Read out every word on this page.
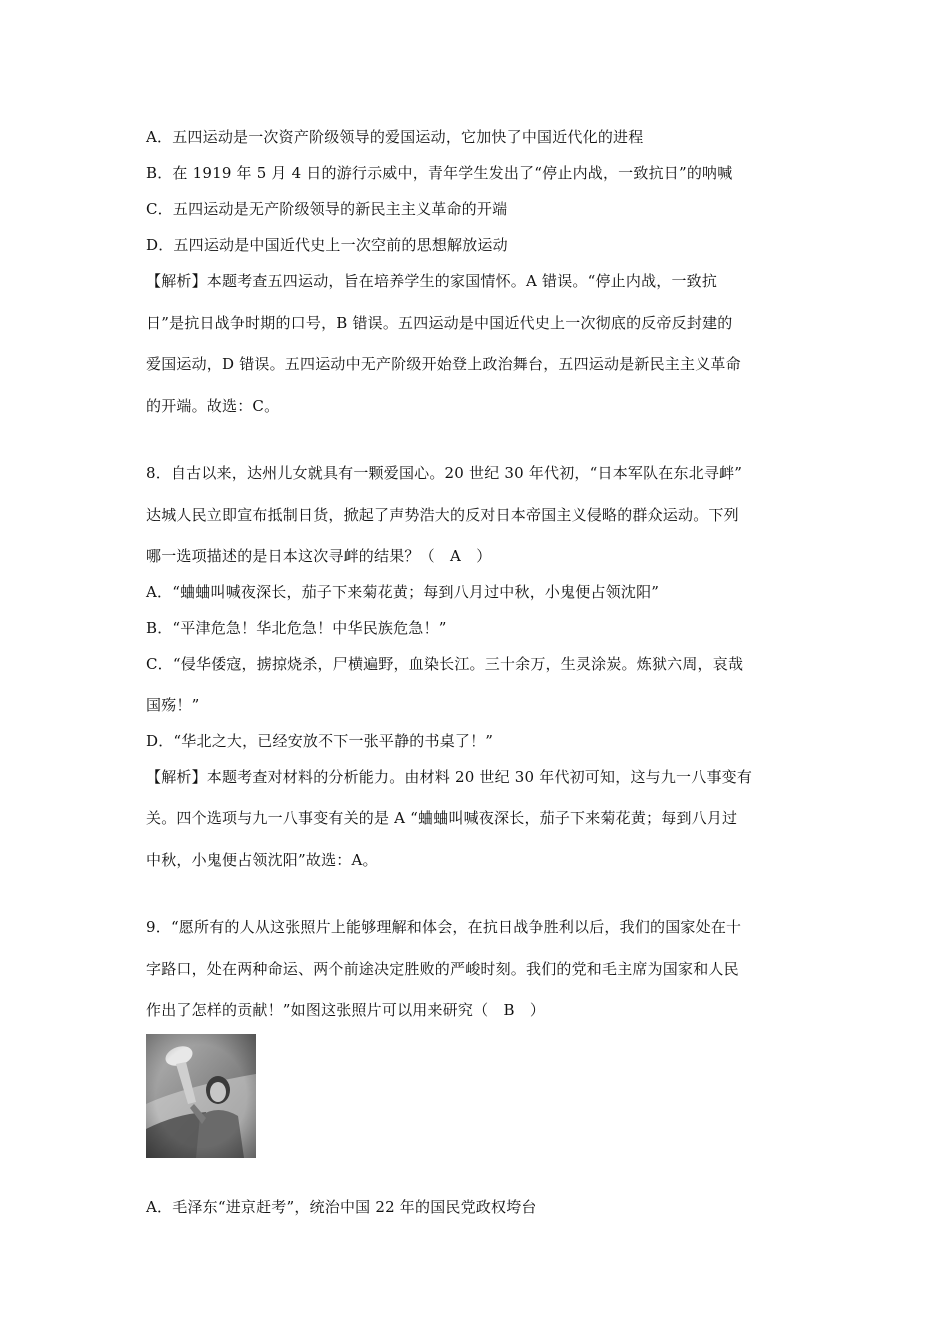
A．五四运动是一次资产阶级领导的爱国运动，它加快了中国近代化的进程
B．在 1919 年 5 月 4 日的游行示威中，青年学生发出了“停止内战，一致抗日”的呐喊
C．五四运动是无产阶级领导的新民主主义革命的开端
D．五四运动是中国近代史上一次空前的思想解放运动
【解析】本题考查五四运动，旨在培养学生的家国情怀。A 错误。“停止内战，一致抗
日”是抗日战争时期的口号，B 错误。五四运动是中国近代史上一次彻底的反帝反封建的
爱国运动，D 错误。五四运动中无产阶级开始登上政治舞台，五四运动是新民主主义革命
的开端。故选：C。
8．自古以来，达州儿女就具有一颗爱国心。20 世纪 30 年代初，“日本军队在东北寻衅”
达城人民立即宣布抵制日货，掀起了声势浩大的反对日本帝国主义侵略的群众运动。下列
哪一选项描述的是日本这次寻衅的结果？（　A　）
A．“蛐蛐叫喊夜深长，茄子下来菊花黄；每到八月过中秋，小鬼便占领沈阳”
B．“平津危急！华北危急！中华民族危急！”
C．“侵华倭寇，掳掠烧杀，尸横遍野，血染长江。三十余万，生灵涂炭。炼狱六周，哀哉
国殇！”
D．“华北之大，已经安放不下一张平静的书桌了！”
【解析】本题考查对材料的分析能力。由材料 20 世纪 30 年代初可知，这与九一八事变有
关。四个选项与九一八事变有关的是 A “蛐蛐叫喊夜深长，茄子下来菊花黄；每到八月过
中秋，小鬼便占领沈阳”故选：A。
9．“愿所有的人从这张照片上能够理解和体会，在抗日战争胜利以后，我们的国家处在十
字路口，处在两种命运、两个前途决定胜败的严峻时刻。我们的党和毛主席为国家和人民
作出了怎样的贡献！”如图这张照片可以用来研究（　B　）
A．毛泽东“进京赶考”，统治中国 22 年的国民党政权垮台
